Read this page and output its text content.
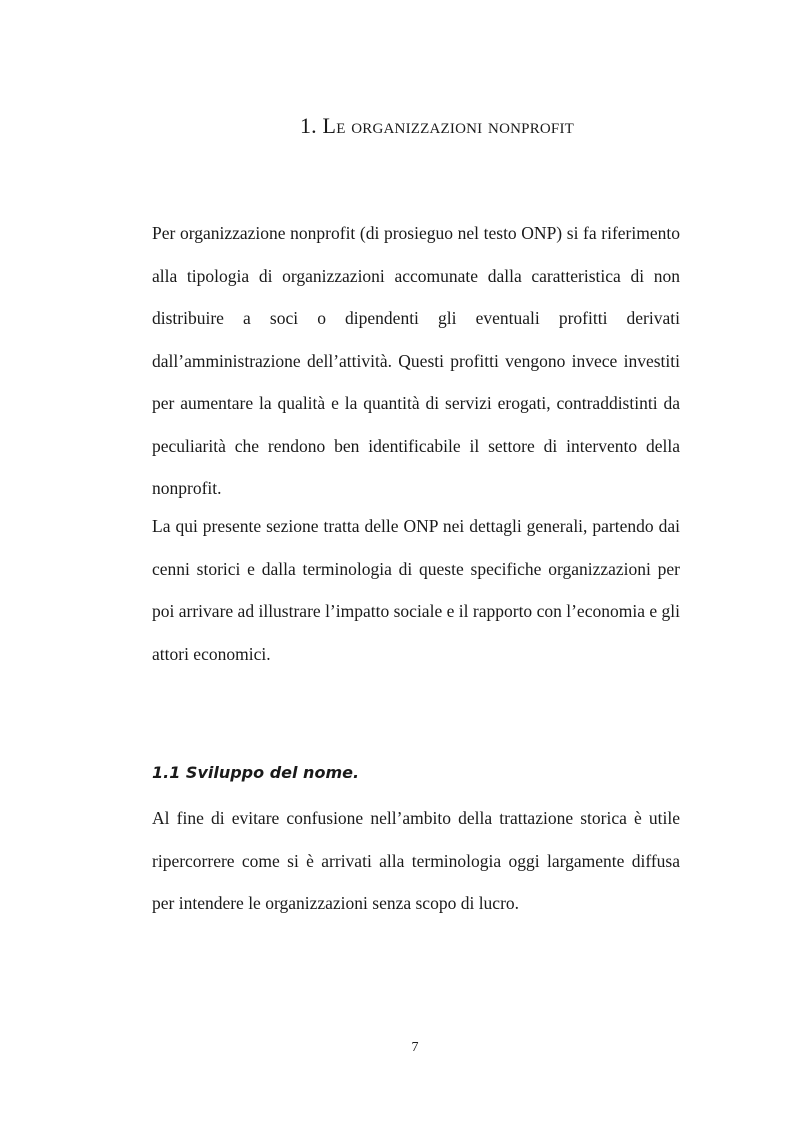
1. Le organizzazioni nonprofit

Per organizzazione nonprofit (di prosieguo nel testo ONP) si fa riferimento alla tipologia di organizzazioni accomunate dalla caratteristica di non distribuire a soci o dipendenti gli eventuali profitti derivati dall’amministrazione dell’attività. Questi profitti vengono invece investiti per aumentare la qualità e la quantità di servizi erogati, contraddistinti da peculiarità che rendono ben identificabile il settore di intervento della nonprofit.

La qui presente sezione tratta delle ONP nei dettagli generali, partendo dai cenni storici e dalla terminologia di queste specifiche organizzazioni per poi arrivare ad illustrare l’impatto sociale e il rapporto con l’economia e gli attori economici.

1.1 Sviluppo del nome.

Al fine di evitare confusione nell’ambito della trattazione storica è utile ripercorrere come si è arrivati alla terminologia oggi largamente diffusa per intendere le organizzazioni senza scopo di lucro.

7
